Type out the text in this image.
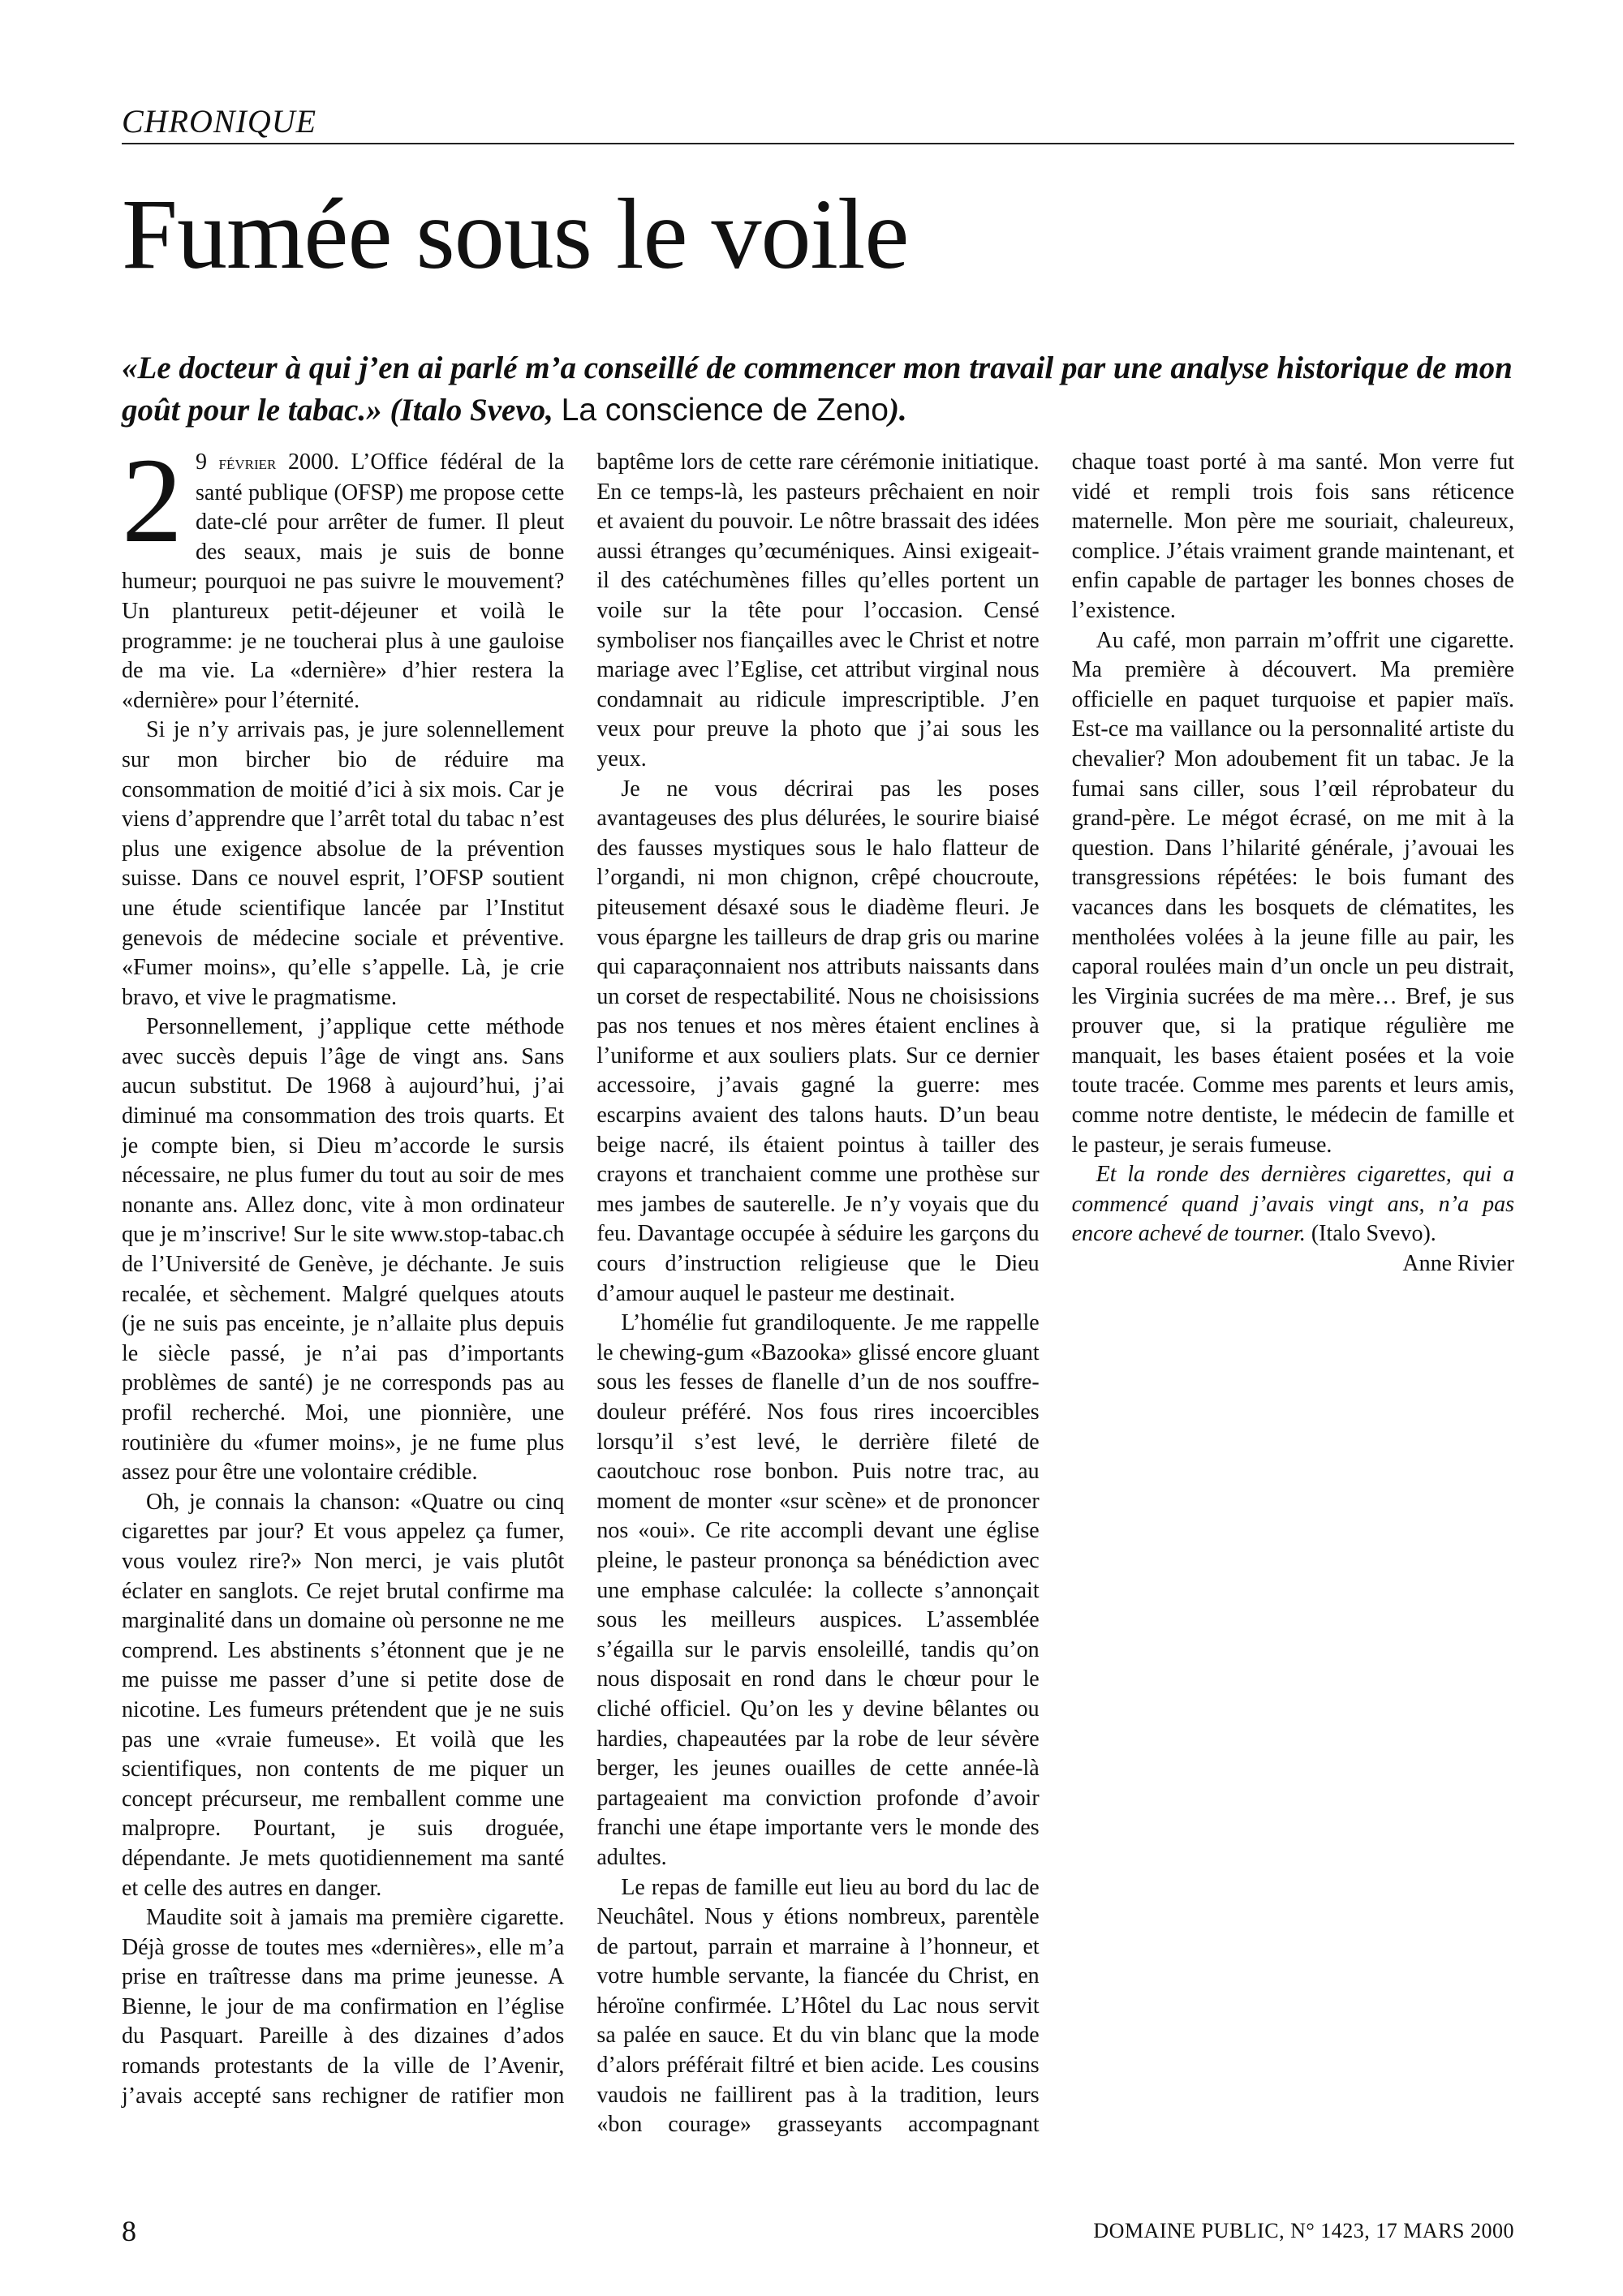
CHRONIQUE
Fumée sous le voile

«Le docteur à qui j’en ai parlé m’a conseillé de commencer mon travail par une analyse historique de mon goût pour le tabac.» (Italo Svevo, La conscience de Zeno).

2 9 février 2000. L’Office fédéral de la santé publique (OFSP) me propose cette date-clé pour arrêter de fumer. Il pleut des seaux, mais je suis de bonne humeur; pourquoi ne pas suivre le mouvement? Un plantureux petit-déjeuner et voilà le programme: je ne toucherai plus à une gauloise de ma vie. La «dernière» d’hier restera la «dernière» pour l’éternité.

Si je n’y arrivais pas, je jure solennellement sur mon bircher bio de réduire ma consommation de moitié d’ici à six mois. Car je viens d’apprendre que l’arrêt total du tabac n’est plus une exigence absolue de la prévention suisse. Dans ce nouvel esprit, l’OFSP soutient une étude scientifique lancée par l’Institut genevois de médecine sociale et préventive. «Fumer moins», qu’elle s’appelle. Là, je crie bravo, et vive le pragmatisme.

Personnellement, j’applique cette méthode avec succès depuis l’âge de vingt ans. Sans aucun substitut. De 1968 à aujourd’hui, j’ai diminué ma consommation des trois quarts. Et je compte bien, si Dieu m’accorde le sursis nécessaire, ne plus fumer du tout au soir de mes nonante ans. Allez donc, vite à mon ordinateur que je m’inscrive! Sur le site www.stop-tabac.ch de l’Université de Genève, je déchante. Je suis recalée, et sèchement. Malgré quelques atouts (je ne suis pas enceinte, je n’allaite plus depuis le siècle passé, je n’ai pas d’importants problèmes de santé) je ne corresponds pas au profil recherché. Moi, une pionnière, une routinière du «fumer moins», je ne fume plus assez pour être une volontaire crédible.

Oh, je connais la chanson: «Quatre ou cinq cigarettes par jour? Et vous appelez ça fumer, vous voulez rire?» Non merci, je vais plutôt éclater en sanglots. Ce rejet brutal confirme ma marginalité dans un domaine où personne ne me comprend. Les abstinents s’étonnent que je ne me puisse me passer d’une si petite dose de nicotine. Les fumeurs prétendent que je ne suis pas une «vraie fumeuse». Et voilà que les scientifiques, non contents de me piquer un concept précurseur, me remballent comme une malpropre. Pourtant, je suis droguée, dépendante. Je mets quotidiennement ma santé et celle des autres en danger.

Maudite soit à jamais ma première cigarette. Déjà grosse de toutes mes «dernières», elle m’a prise en traîtresse dans ma prime jeunesse. A Bienne, le jour de ma confirmation en l’église du Pasquart. Pareille à des dizaines d’ados romands protestants de la ville de l’Avenir, j’avais accepté sans rechigner de ratifier mon baptême lors de cette rare cérémonie initiatique. En ce temps-là, les pasteurs prêchaient en noir et avaient du pouvoir. Le nôtre brassait des idées aussi étranges qu’œcuméniques. Ainsi exigeait-il des catéchumènes filles qu’elles portent un voile sur la tête pour l’occasion. Censé symboliser nos fiançailles avec le Christ et notre mariage avec l’Eglise, cet attribut virginal nous condamnait au ridicule imprescriptible. J’en veux pour preuve la photo que j’ai sous les yeux.

Je ne vous décrirai pas les poses avantageuses des plus délurées, le sourire biaisé des fausses mystiques sous le halo flatteur de l’organdi, ni mon chignon, crêpé choucroute, piteusement désaxé sous le diadème fleuri. Je vous épargne les tailleurs de drap gris ou marine qui caparaçonnaient nos attributs naissants dans un corset de respectabilité. Nous ne choisissions pas nos tenues et nos mères étaient enclines à l’uniforme et aux souliers plats. Sur ce dernier accessoire, j’avais gagné la guerre: mes escarpins avaient des talons hauts. D’un beau beige nacré, ils étaient pointus à tailler des crayons et tranchaient comme une prothèse sur mes jambes de sauterelle. Je n’y voyais que du feu. Davantage occupée à séduire les garçons du cours d’instruction religieuse que le Dieu d’amour auquel le pasteur me destinait.

L’homélie fut grandiloquente. Je me rappelle le chewing-gum «Bazooka» glissé encore gluant sous les fesses de flanelle d’un de nos souffre-douleur préféré. Nos fous rires incoercibles lorsqu’il s’est levé, le derrière fileté de caoutchouc rose bonbon. Puis notre trac, au moment de monter «sur scène» et de prononcer nos «oui». Ce rite accompli devant une église pleine, le pasteur prononça sa bénédiction avec une emphase calculée: la collecte s’annonçait sous les meilleurs auspices. L’assemblée s’égailla sur le parvis ensoleillé, tandis qu’on nous disposait en rond dans le chœur pour le cliché officiel. Qu’on les y devine bêlantes ou hardies, chapeautées par la robe de leur sévère berger, les jeunes ouailles de cette année-là partageaient ma conviction profonde d’avoir franchi une étape importante vers le monde des adultes.

Le repas de famille eut lieu au bord du lac de Neuchâtel. Nous y étions nombreux, parentèle de partout, parrain et marraine à l’honneur, et votre humble servante, la fiancée du Christ, en héroïne confirmée. L’Hôtel du Lac nous servit sa palée en sauce. Et du vin blanc que la mode d’alors préférait filtré et bien acide. Les cousins vaudois ne faillirent pas à la tradition, leurs «bon courage» grasseyants accompagnant chaque toast porté à ma santé. Mon verre fut vidé et rempli trois fois sans réticence maternelle. Mon père me souriait, chaleureux, complice. J’étais vraiment grande maintenant, et enfin capable de partager les bonnes choses de l’existence.

Au café, mon parrain m’offrit une cigarette. Ma première à découvert. Ma première officielle en paquet turquoise et papier maïs. Est-ce ma vaillance ou la personnalité artiste du chevalier? Mon adoubement fit un tabac. Je la fumai sans ciller, sous l’œil réprobateur du grand-père. Le mégot écrasé, on me mit à la question. Dans l’hilarité générale, j’avouai les transgressions répétées: le bois fumant des vacances dans les bosquets de clématites, les mentholées volées à la jeune fille au pair, les caporal roulées main d’un oncle un peu distrait, les Virginia sucrées de ma mère… Bref, je sus prouver que, si la pratique régulière me manquait, les bases étaient posées et la voie toute tracée. Comme mes parents et leurs amis, comme notre dentiste, le médecin de famille et le pasteur, je serais fumeuse.

Et la ronde des dernières cigarettes, qui a commencé quand j’avais vingt ans, n’a pas encore achevé de tourner. (Italo Svevo).
Anne Rivier

8	DOMAINE PUBLIC, N° 1423, 17 MARS 2000
